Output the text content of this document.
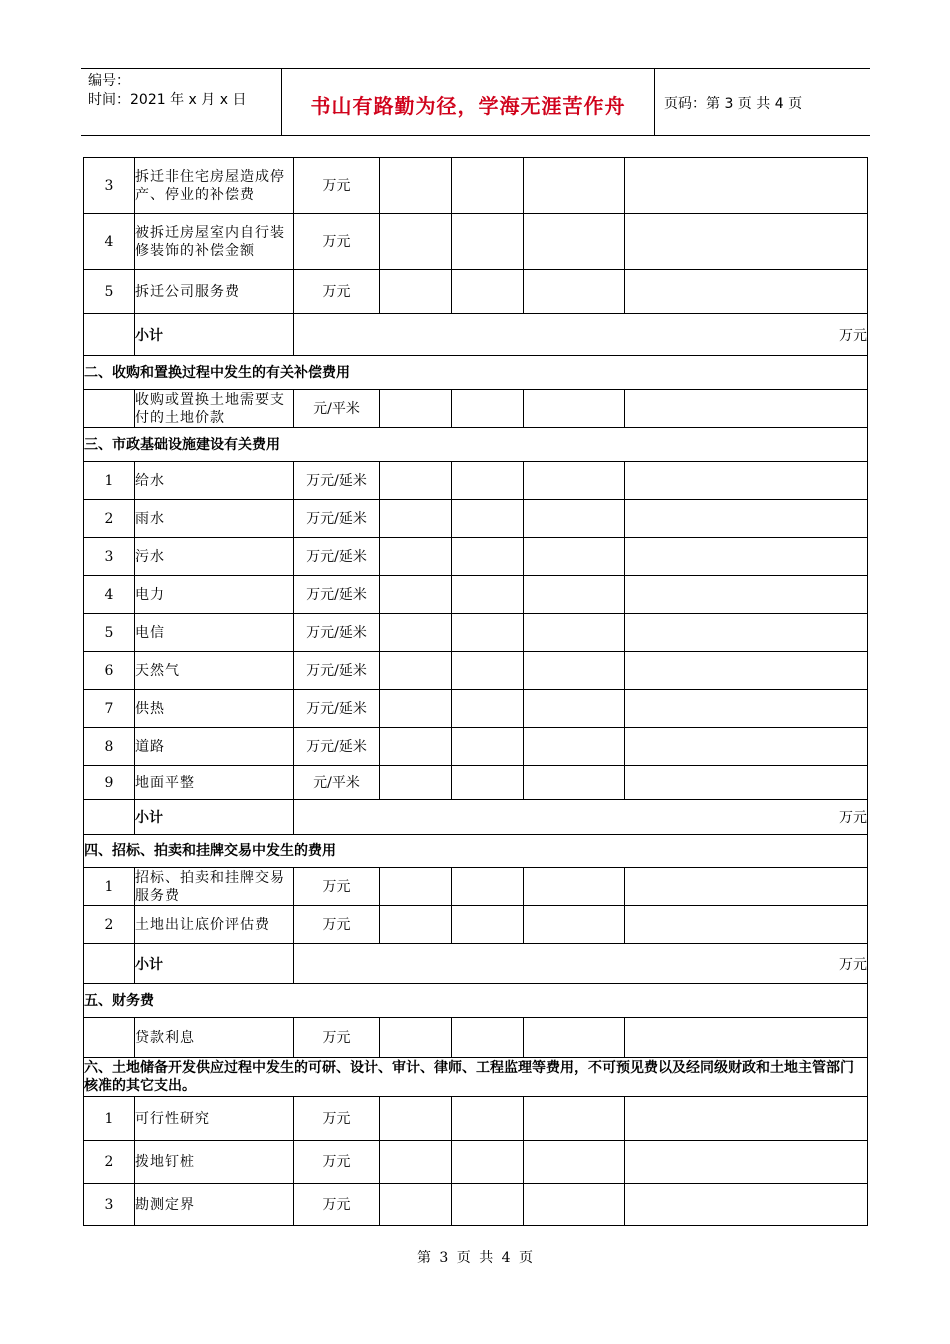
编号：
时间：2021 年 x 月 x 日	书山有路勤为径，学海无涯苦作舟	页码：第 3 页 共 4 页
3	拆迁非住宅房屋造成停产、停业的补偿费	万元				
4	被拆迁房屋室内自行装修装饰的补偿金额	万元				
5	拆迁公司服务费	万元				
	小计	万元				
二、收购和置换过程中发生的有关补偿费用						
	收购或置换土地需要支付的土地价款	元/平米				
三、市政基础设施建设有关费用						
1	给水	万元/延米				
2	雨水	万元/延米				
3	污水	万元/延米				
4	电力	万元/延米				
5	电信	万元/延米				
6	天然气	万元/延米				
7	供热	万元/延米				
8	道路	万元/延米				
9	地面平整	元/平米				
	小计	万元				
四、招标、拍卖和挂牌交易中发生的费用						
1	招标、拍卖和挂牌交易服务费	万元				
2	土地出让底价评估费	万元				
	小计	万元				
五、财务费						
	贷款利息	万元				
六、土地储备开发供应过程中发生的可研、设计、审计、律师、工程监理等费用，不可预见费以及经同级财政和土地主管部门核准的其它支出。						
1	可行性研究	万元				
2	拨地钉桩	万元				
3	勘测定界	万元				
第 3 页 共 4 页
